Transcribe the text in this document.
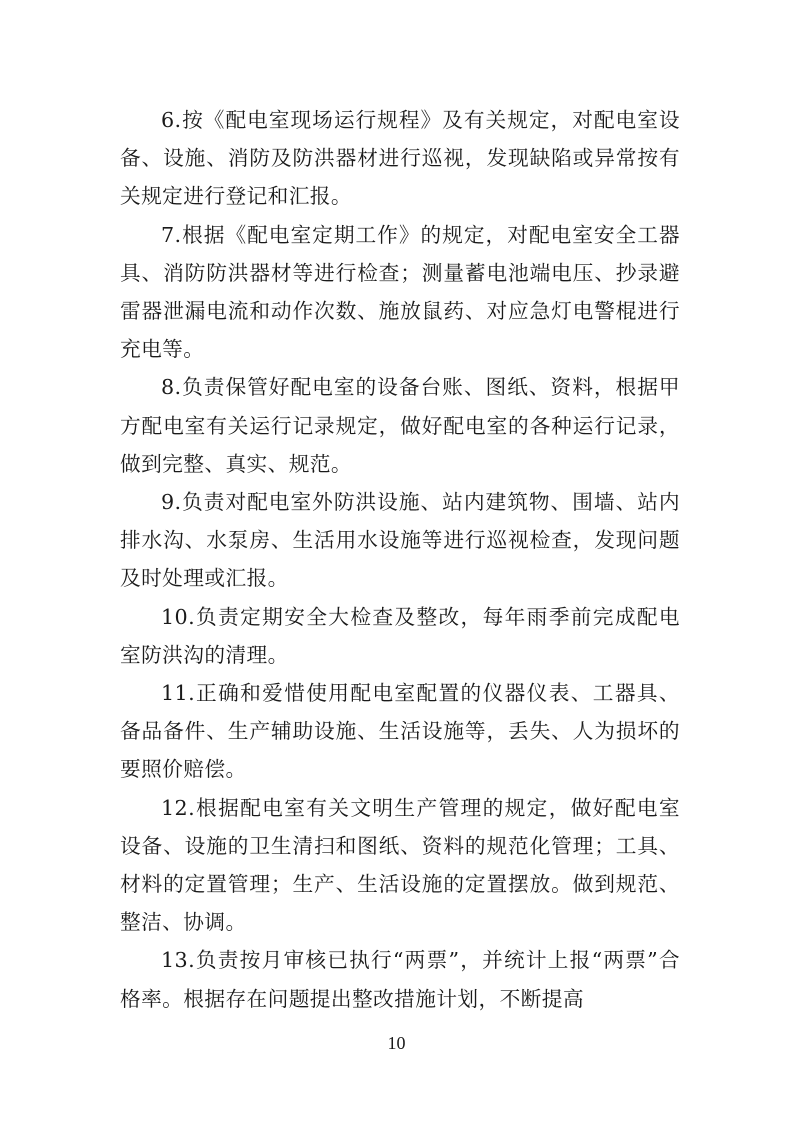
6.按《配电室现场运行规程》及有关规定，对配电室设备、设施、消防及防洪器材进行巡视，发现缺陷或异常按有关规定进行登记和汇报。

7.根据《配电室定期工作》的规定，对配电室安全工器具、消防防洪器材等进行检查；测量蓄电池端电压、抄录避雷器泄漏电流和动作次数、施放鼠药、对应急灯电警棍进行充电等。

8.负责保管好配电室的设备台账、图纸、资料，根据甲方配电室有关运行记录规定，做好配电室的各种运行记录，做到完整、真实、规范。

9.负责对配电室外防洪设施、站内建筑物、围墙、站内排水沟、水泵房、生活用水设施等进行巡视检查，发现问题及时处理或汇报。

10.负责定期安全大检查及整改，每年雨季前完成配电室防洪沟的清理。

11.正确和爱惜使用配电室配置的仪器仪表、工器具、备品备件、生产辅助设施、生活设施等，丢失、人为损坏的要照价赔偿。

12.根据配电室有关文明生产管理的规定，做好配电室设备、设施的卫生清扫和图纸、资料的规范化管理；工具、材料的定置管理；生产、生活设施的定置摆放。做到规范、整洁、协调。

13.负责按月审核已执行“两票”，并统计上报“两票”合格率。根据存在问题提出整改措施计划，不断提高

10
